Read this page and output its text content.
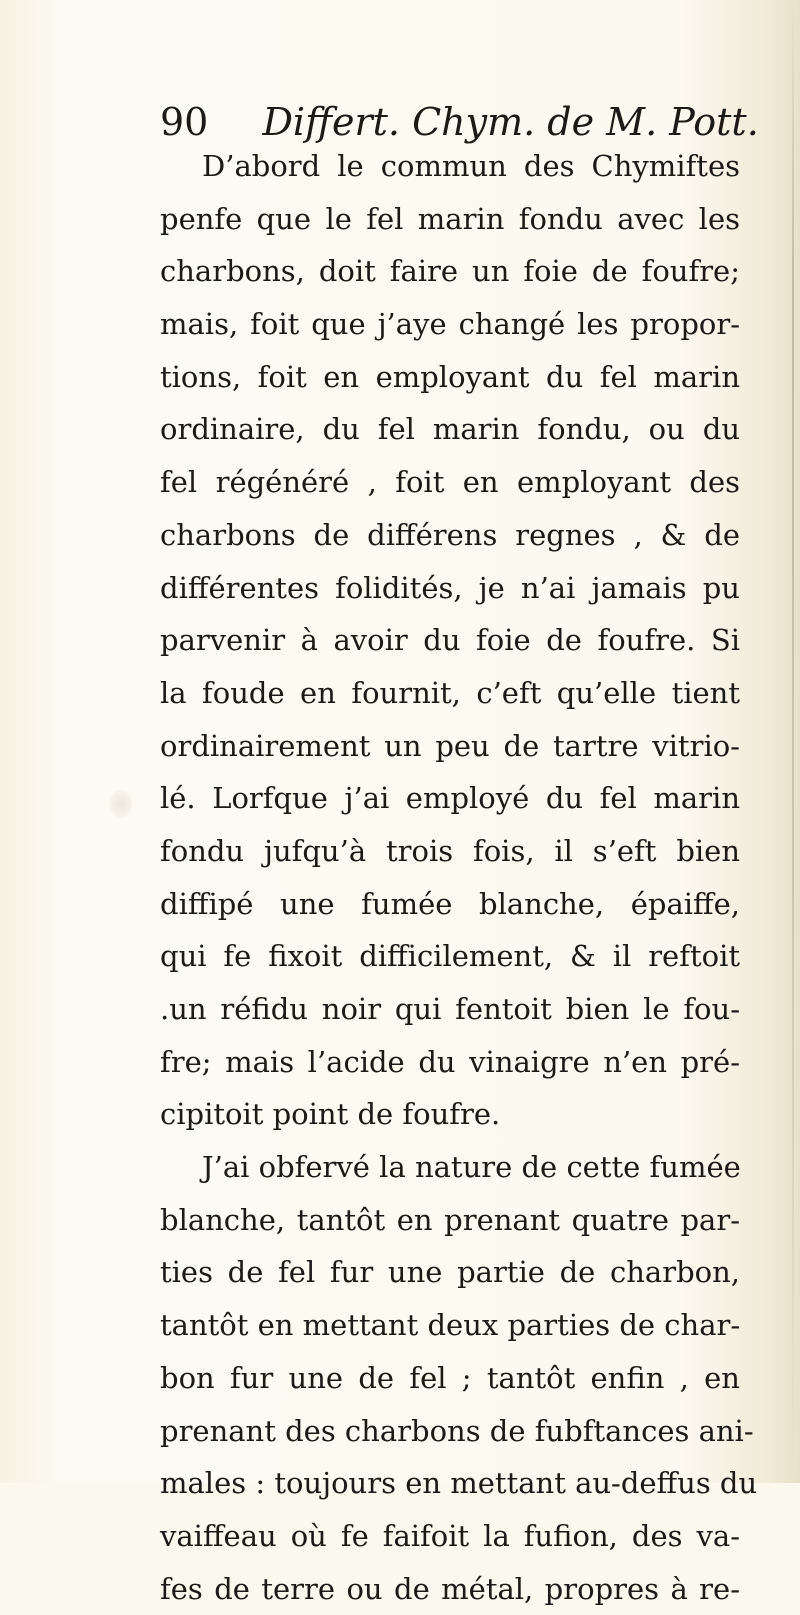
90 Differt. Chym. de M. Pott.
D’abord le commun des Chymiftes
penfe que le fel marin fondu avec les
charbons, doit faire un foie de foufre;
mais, foit que j’aye changé les propor-
tions, foit en employant du fel marin
ordinaire, du fel marin fondu, ou du
fel régénéré , foit en employant des
charbons de différens regnes , & de
différentes folidités, je n’ai jamais pu
parvenir à avoir du foie de foufre. Si
la foude en fournit, c’eft qu’elle tient
ordinairement un peu de tartre vitrio-
lé. Lorfque j’ai employé du fel marin
fondu jufqu’à trois fois, il s’eft bien
diffipé une fumée blanche, épaiffe,
qui fe fixoit difficilement, & il reftoit
.un réfidu noir qui fentoit bien le fou-
fre; mais l’acide du vinaigre n’en pré-
cipitoit point de foufre.
J’ai obfervé la nature de cette fumée
blanche, tantôt en prenant quatre par-
ties de fel fur une partie de charbon,
tantôt en mettant deux parties de char-
bon fur une de fel ; tantôt enfin , en
prenant des charbons de fubftances ani-
males : toujours en mettant au-deffus du
vaiffeau où fe faifoit la fufion, des va-
fes de terre ou de métal, propres à re-
